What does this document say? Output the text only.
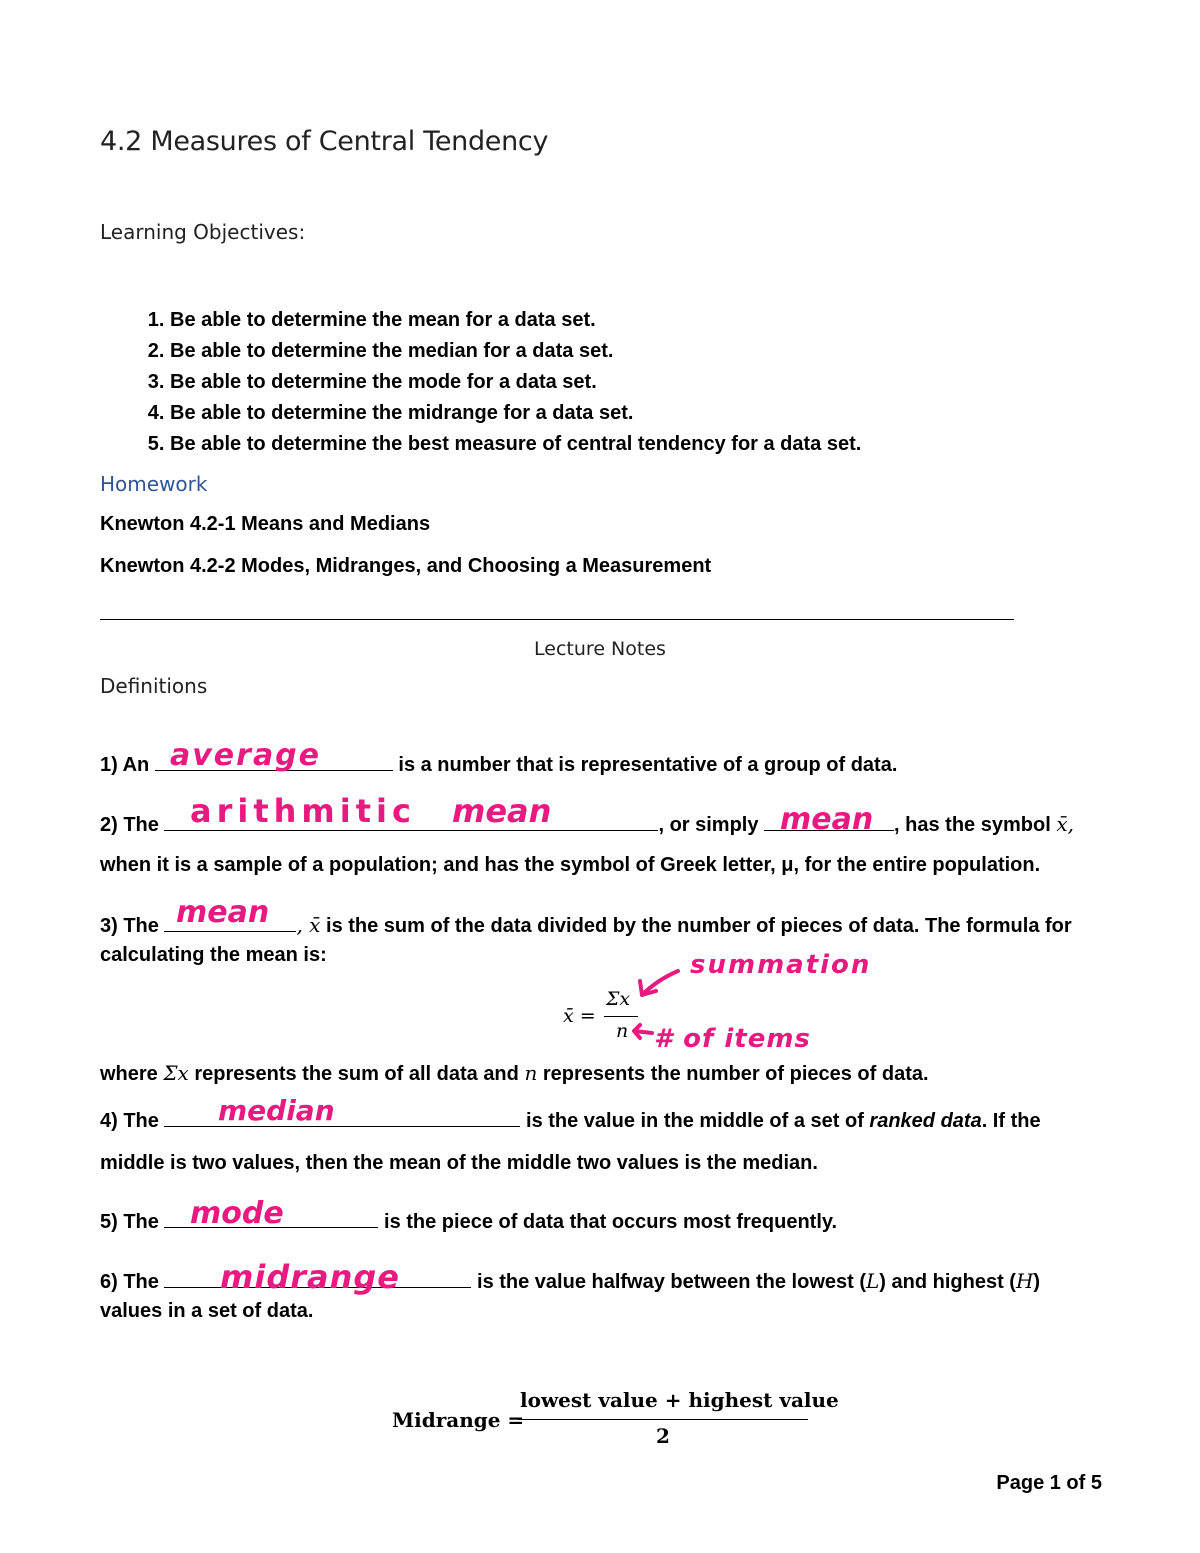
4.2 Measures of Central Tendency
Learning Objectives:
1. Be able to determine the mean for a data set.
2. Be able to determine the median for a data set.
3. Be able to determine the mode for a data set.
4. Be able to determine the midrange for a data set.
5. Be able to determine the best measure of central tendency for a data set.
Homework
Knewton 4.2-1 Means and Medians
Knewton 4.2-2 Modes, Midranges, and Choosing a Measurement
Lecture Notes
Definitions
1) An	is a number that is representative of a group of data.
average
2) The	, or simply	, has the symbol x̄,
arithmitic mean	mean
when it is a sample of a population; and has the symbol of Greek letter, μ, for the entire population.
3) The	, x̄ is the sum of the data divided by the number of pieces of data. The formula for
mean
calculating the mean is:
x̄ =
Σx
n
summation
# of items
where Σx represents the sum of all data and n represents the number of pieces of data.
4) The	is the value in the middle of a set of ranked data. If the
median
middle is two values, then the mean of the middle two values is the median.
5) The	is the piece of data that occurs most frequently.
mode
6) The	is the value halfway between the lowest (L) and highest (H)
midrange
values in a set of data.
Midrange =
lowest value + highest value
2
Page 1 of 5
